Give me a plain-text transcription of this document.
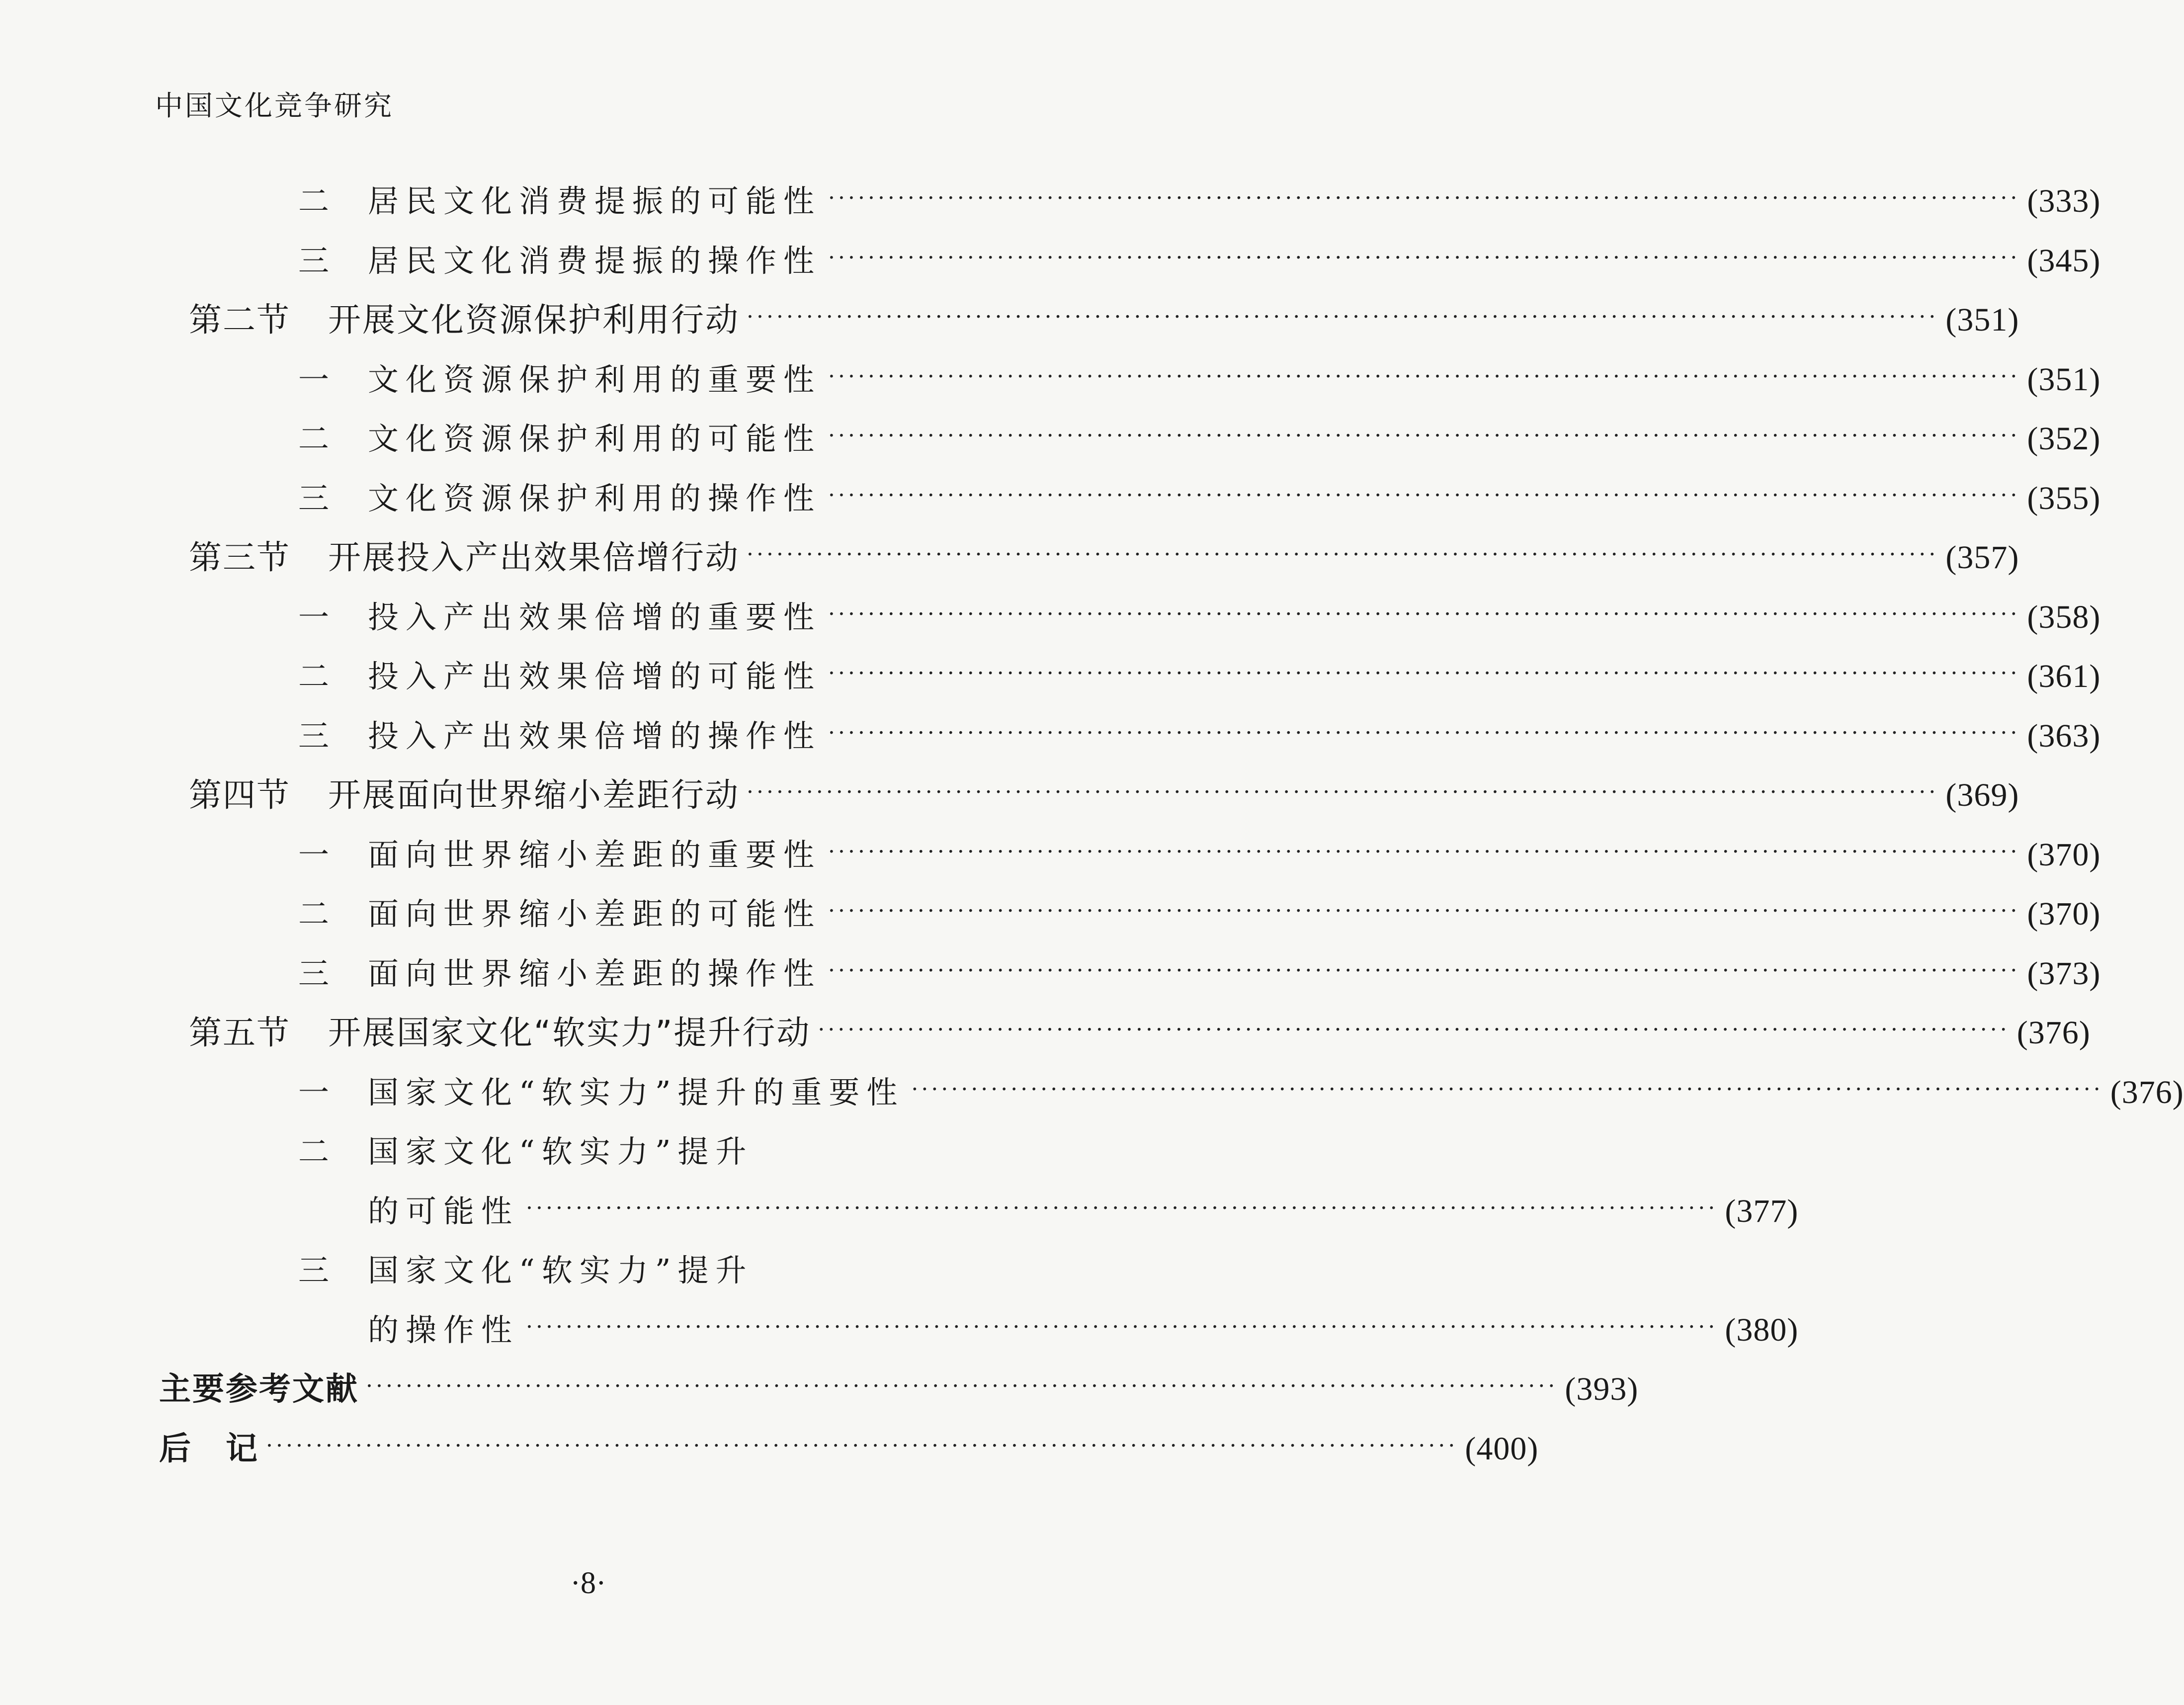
中国文化竞争研究
二	居民文化消费提振的可能性 ························································································································ (333)
三	居民文化消费提振的操作性 ························································································································ (345)
第二节	开展文化资源保护利用行动 ························································································································ (351)
一	文化资源保护利用的重要性 ························································································································ (351)
二	文化资源保护利用的可能性 ························································································································ (352)
三	文化资源保护利用的操作性 ························································································································ (355)
第三节	开展投入产出效果倍增行动 ························································································································ (357)
一	投入产出效果倍增的重要性 ························································································································ (358)
二	投入产出效果倍增的可能性 ························································································································ (361)
三	投入产出效果倍增的操作性 ························································································································ (363)
第四节	开展面向世界缩小差距行动 ························································································································ (369)
一	面向世界缩小差距的重要性 ························································································································ (370)
二	面向世界缩小差距的可能性 ························································································································ (370)
三	面向世界缩小差距的操作性 ························································································································ (373)
第五节	开展国家文化“软实力”提升行动 ························································································································ (376)
一	国家文化“软实力”提升的重要性 ························································································································ (376)
二	国家文化“软实力”提升
的可能性 ························································································································ (377)
三	国家文化“软实力”提升
的操作性 ························································································································ (380)
主要参考文献 ························································································································ (393)
后　记 ························································································································ (400)
·8·
